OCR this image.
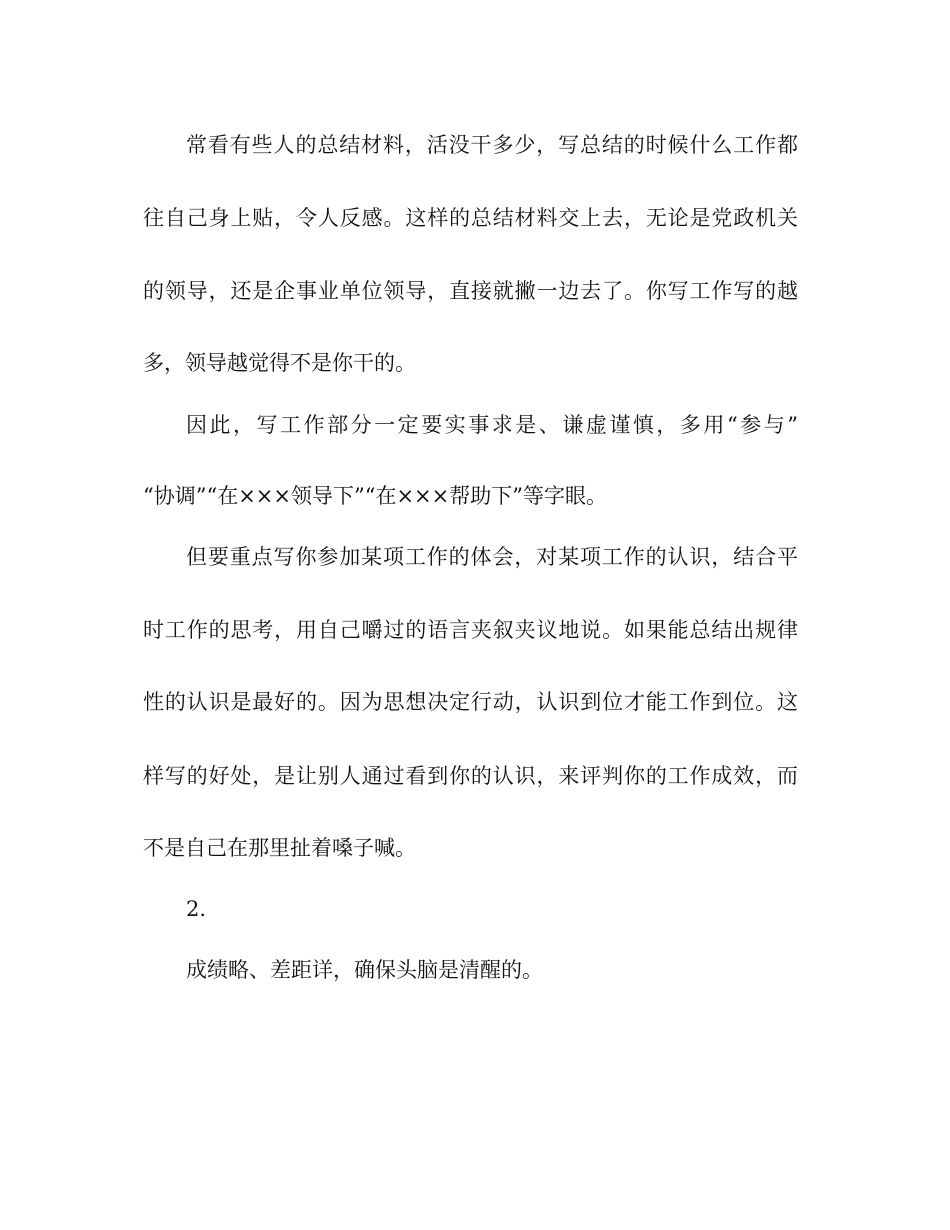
常看有些人的总结材料，活没干多少，写总结的时候什么工作都
往自己身上贴，令人反感。这样的总结材料交上去，无论是党政机关
的领导，还是企事业单位领导，直接就撇一边去了。你写工作写的越
多，领导越觉得不是你干的。
因此，写工作部分一定要实事求是、谦虚谨慎，多用“参与”
“协调”“在×××领导下”“在×××帮助下”等字眼。
但要重点写你参加某项工作的体会，对某项工作的认识，结合平
时工作的思考，用自己嚼过的语言夹叙夹议地说。如果能总结出规律
性的认识是最好的。因为思想决定行动，认识到位才能工作到位。这
样写的好处，是让别人通过看到你的认识，来评判你的工作成效，而
不是自己在那里扯着嗓子喊。
2.
成绩略、差距详，确保头脑是清醒的。
